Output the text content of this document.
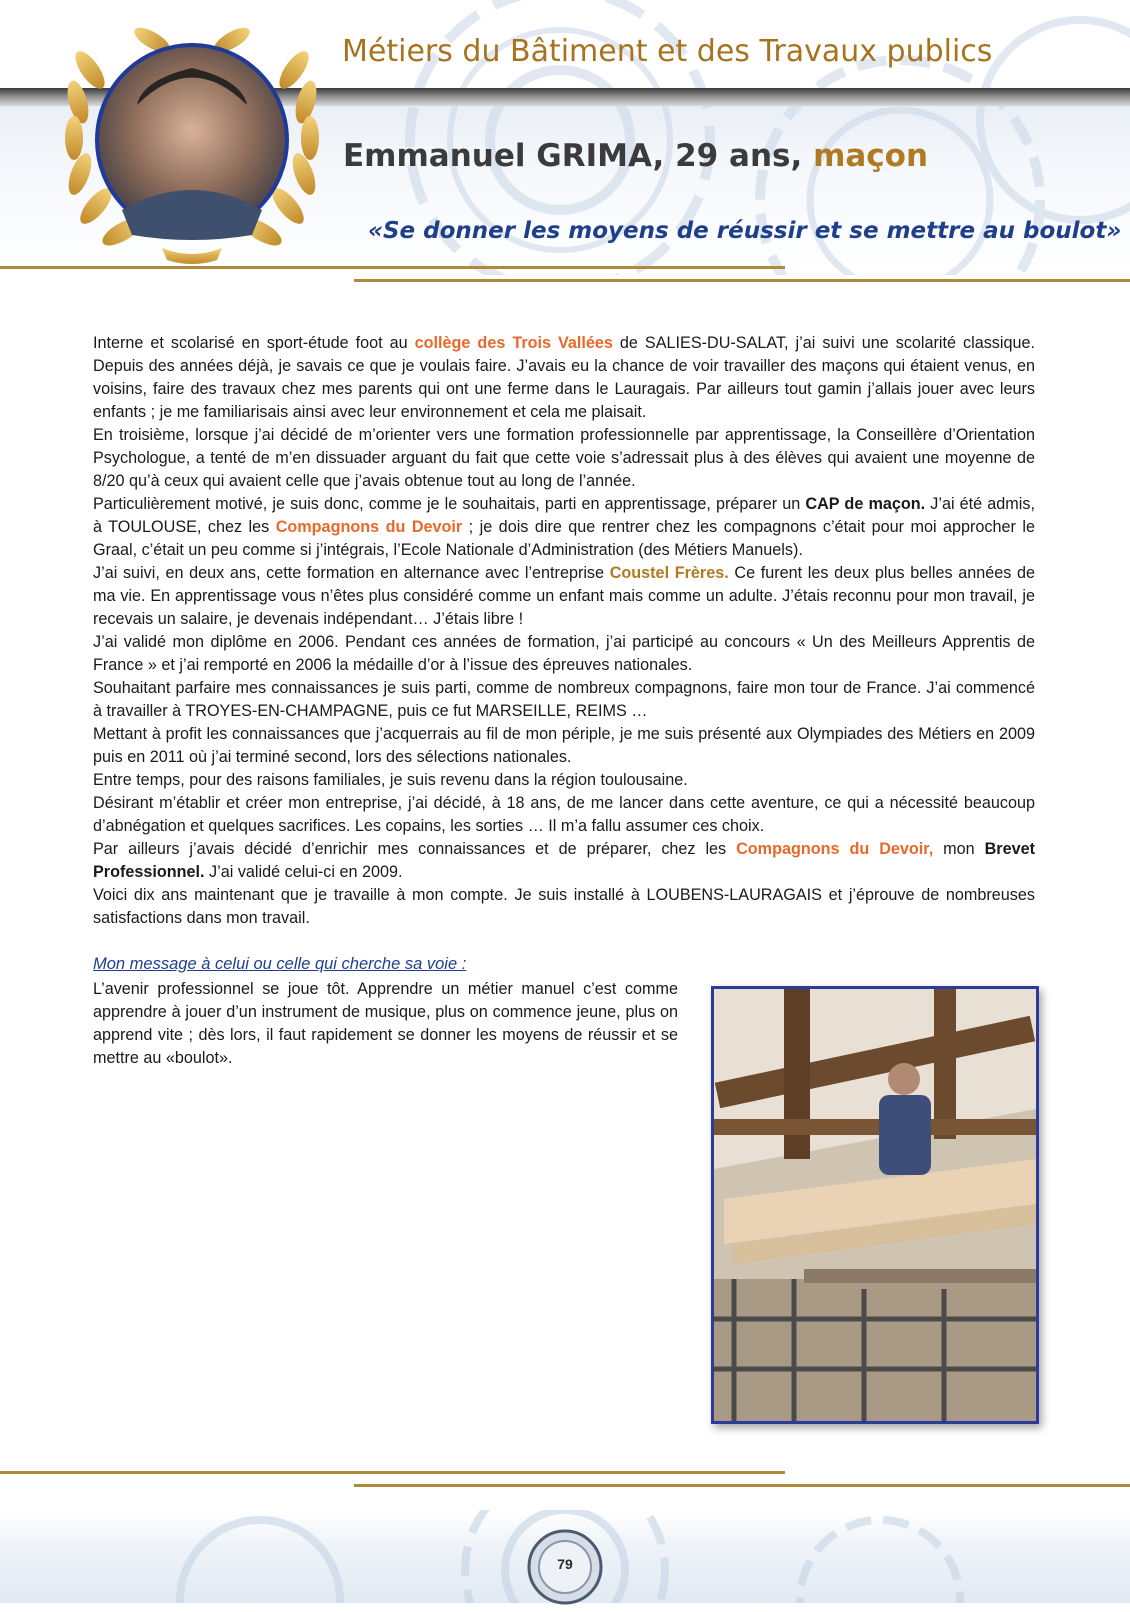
Métiers du Bâtiment et des Travaux publics
Emmanuel GRIMA, 29 ans, maçon
«Se donner les moyens de réussir et se mettre au boulot»

Interne et scolarisé en sport-étude foot au collège des Trois Vallées de SALIES-DU-SALAT, j’ai suivi une scolarité classique. Depuis des années déjà, je savais ce que je voulais faire. J’avais eu la chance de voir travailler des maçons qui étaient venus, en voisins, faire des travaux chez mes parents qui ont une ferme dans le Lauragais. Par ailleurs tout gamin j’allais jouer avec leurs enfants ; je me familiarisais ainsi avec leur environnement et cela me plaisait.

En troisième, lorsque j’ai décidé de m’orienter vers une formation professionnelle par apprentissage, la Conseillère d’Orientation Psychologue, a tenté de m’en dissuader arguant du fait que cette voie s’adressait plus à des élèves qui avaient une moyenne de 8/20 qu’à ceux qui avaient celle que j’avais obtenue tout au long de l’année.

Particulièrement motivé, je suis donc, comme je le souhaitais, parti en apprentissage, préparer un CAP de maçon. J’ai été admis, à TOULOUSE, chez les Compagnons du Devoir ; je dois dire que rentrer chez les compagnons c’était pour moi approcher le Graal, c’était un peu comme si j’intégrais, l’Ecole Nationale d’Administration (des Métiers Manuels).

J’ai suivi, en deux ans, cette formation en alternance avec l’entreprise Coustel Frères. Ce furent les deux plus belles années de ma vie. En apprentissage vous n’êtes plus considéré comme un enfant mais comme un adulte. J’étais reconnu pour mon travail, je recevais un salaire, je devenais indépendant… J’étais libre !

J’ai validé mon diplôme en 2006. Pendant ces années de formation, j’ai participé au concours « Un des Meilleurs Apprentis de France » et j’ai remporté en 2006 la médaille d’or à l’issue des épreuves nationales.

Souhaitant parfaire mes connaissances je suis parti, comme de nombreux compagnons, faire mon tour de France. J’ai commencé à travailler à TROYES-EN-CHAMPAGNE, puis ce fut MARSEILLE, REIMS …

Mettant à profit les connaissances que j’acquerrais au fil de mon périple, je me suis présenté aux Olympiades des Métiers en 2009 puis en 2011 où j’ai terminé second, lors des sélections nationales.

Entre temps, pour des raisons familiales, je suis revenu dans la région toulousaine.

Désirant m’établir et créer mon entreprise, j’ai décidé, à 18 ans, de me lancer dans cette aventure, ce qui a nécessité beaucoup d’abnégation et quelques sacrifices. Les copains, les sorties … Il m’a fallu assumer ces choix.

Par ailleurs j’avais décidé d’enrichir mes connaissances et de préparer, chez les Compagnons du Devoir, mon Brevet Professionnel. J’ai validé celui-ci en 2009.

Voici dix ans maintenant que je travaille à mon compte. Je suis installé à LOUBENS-LAURAGAIS et j’éprouve de nombreuses satisfactions dans mon travail.

Mon message à celui ou celle qui cherche sa voie :
L’avenir professionnel se joue tôt. Apprendre un métier manuel c’est comme apprendre à jouer d’un instrument de musique, plus on commence jeune, plus on apprend vite ; dès lors, il faut rapidement se donner les moyens de réussir et se mettre au «boulot».
79
